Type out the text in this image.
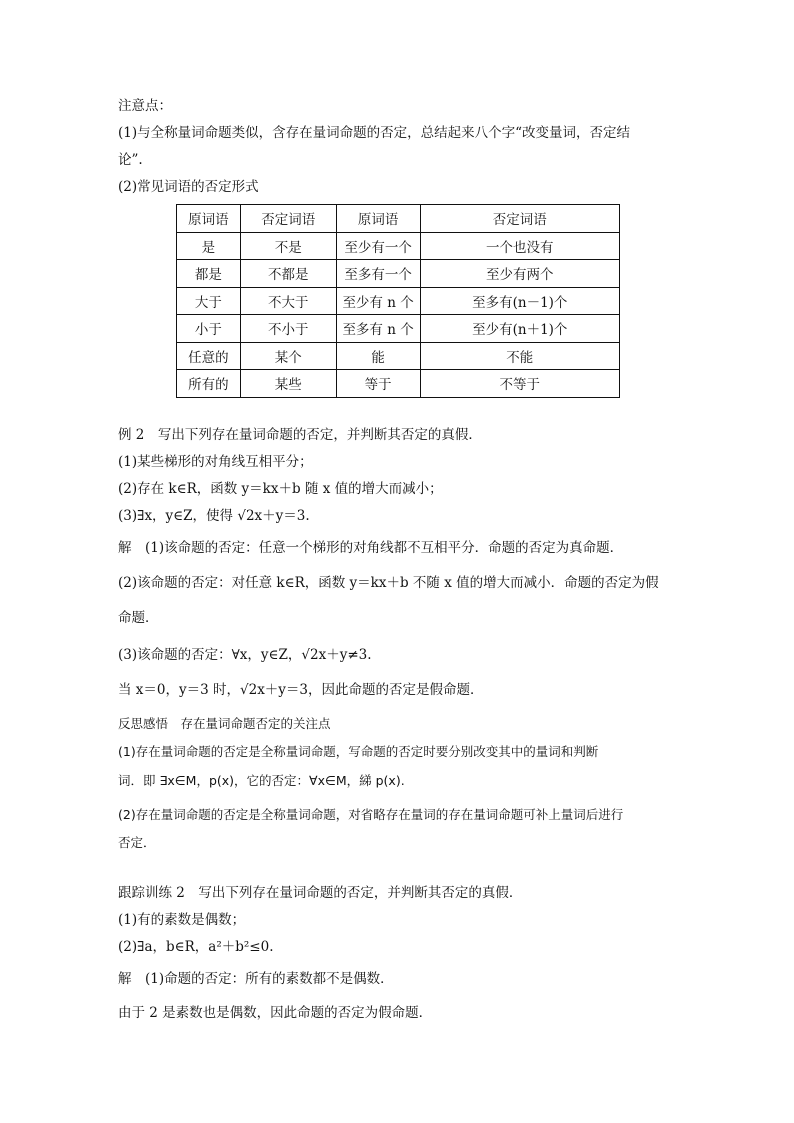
注意点：
(1)与全称量词命题类似，含存在量词命题的否定，总结起来八个字“改变量词，否定结
论”.
(2)常见词语的否定形式
原词语	否定词语	原词语	否定词语
是	不是	至少有一个	一个也没有
都是	不都是	至多有一个	至少有两个
大于	不大于	至少有 n 个	至多有(n－1)个
小于	不小于	至多有 n 个	至少有(n＋1)个
任意的	某个	能	不能
所有的	某些	等于	不等于
例 2　写出下列存在量词命题的否定，并判断其否定的真假．
(1)某些梯形的对角线互相平分；
(2)存在 k∈R，函数 y＝kx＋b 随 x 值的增大而减小；
(3)∃x，y∈Z，使得 √2x＋y＝3.
解　(1)该命题的否定：任意一个梯形的对角线都不互相平分．命题的否定为真命题．
(2)该命题的否定：对任意 k∈R，函数 y＝kx＋b 不随 x 值的增大而减小．命题的否定为假
命题．
(3)该命题的否定：∀x，y∈Z，√2x＋y≠3.
当 x＝0，y＝3 时，√2x＋y＝3，因此命题的否定是假命题．
反思感悟　存在量词命题否定的关注点
(1)存在量词命题的否定是全称量词命题，写命题的否定时要分别改变其中的量词和判断
词．即 ∃x∈M，p(x)，它的否定：∀x∈M，綈 p(x).
(2)存在量词命题的否定是全称量词命题，对省略存在量词的存在量词命题可补上量词后进行
否定．
跟踪训练 2　写出下列存在量词命题的否定，并判断其否定的真假．
(1)有的素数是偶数；
(2)∃a，b∈R，a²＋b²≤0.
解　(1)命题的否定：所有的素数都不是偶数．
由于 2 是素数也是偶数，因此命题的否定为假命题．
